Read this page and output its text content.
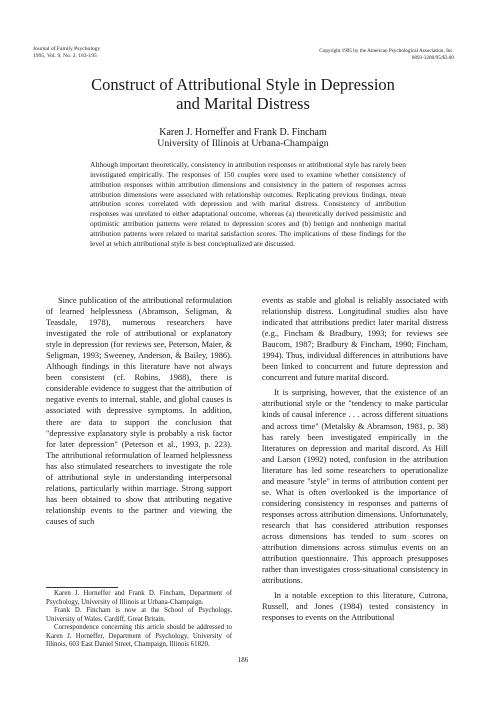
Journal of Family Psychology
1995, Vol. 9, No. 2, 183-195
Copyright 1995 by the American Psychological Association, Inc.
0893-3200/95/$3.00
Construct of Attributional Style in Depression
and Marital Distress
Karen J. Horneffer and Frank D. Fincham
University of Illinois at Urbana-Champaign

Although important theoretically, consistency in attribution responses or attributional style has rarely been investigated empirically. The responses of 150 couples were used to examine whether consistency of attribution responses within attribution dimensions and consistency in the pattern of responses across attribution dimensions were associated with relationship outcomes. Replicating previous findings, mean attribution scores correlated with depression and with marital distress. Consistency of attribution responses was unrelated to either adaptational outcome, whereas (a) theoretically derived pessimistic and optimistic attribution patterns were related to depression scores and (b) benign and nonbenign marital attribution patterns were related to marital satisfaction scores. The implications of these findings for the level at which attributional style is best conceptualized are discussed.

Since publication of the attributional reformulation of learned helplessness (Abramson, Seligman, & Teasdale, 1978), numerous researchers have investigated the role of attributional or explanatory style in depression (for reviews see, Peterson, Maier, & Seligman, 1993; Sweeney, Anderson, & Bailey, 1986). Although findings in this literature have not always been consistent (cf. Robins, 1988), there is considerable evidence to suggest that the attribution of negative events to internal, stable, and global causes is associated with depressive symptoms. In addition, there are data to support the conclusion that "depressive explanatory style is probably a risk factor for later depression" (Peterson et al., 1993, p. 223). The attributional reformulation of learned helplessness has also stimulated researchers to investigate the role of attributional style in understanding interpersonal relations, particularly within marriage. Strong support has been obtained to show that attributing negative relationship events to the partner and viewing the causes of such

events as stable and global is reliably associated with relationship distress. Longitudinal studies also have indicated that attributions predict later marital distress (e.g., Fincham & Bradbury, 1993; for reviews see Baucom, 1987; Bradbury & Fincham, 1990; Fincham, 1994). Thus, individual differences in attributions have been linked to concurrent and future depression and concurrent and future marital discord.

It is surprising, however, that the existence of an attributional style or the "tendency to make particular kinds of causal inference . . . across different situations and across time" (Metalsky & Abramson, 1981, p. 38) has rarely been investigated empirically in the literatures on depression and marital discord. As Hill and Larson (1992) noted, confusion in the attribution literature has led some researchers to operationalize and measure "style" in terms of attribution content per se. What is often overlooked is the importance of considering consistency in responses and patterns of responses across attribution dimensions. Unfortunately, research that has considered attribution responses across dimensions has tended to sum scores on attribution dimensions across stimulus events on an attribution questionnaire. This approach presupposes rather than investigates cross-situational consistency in attributions.

In a notable exception to this literature, Cutrona, Russell, and Jones (1984) tested consistency in responses to events on the Attributional

Karen J. Horneffer and Frank D. Fincham, Department of Psychology, University of Illinois at Urbana-Champaign.

Frank D. Fincham is now at the School of Psychology, University of Wales, Cardiff, Great Britain.

Correspondence concerning this article should be addressed to Karen J. Horneffer, Department of Psychology, University of Illinois, 603 East Daniel Street, Champaign, Illinois 61820.

186
